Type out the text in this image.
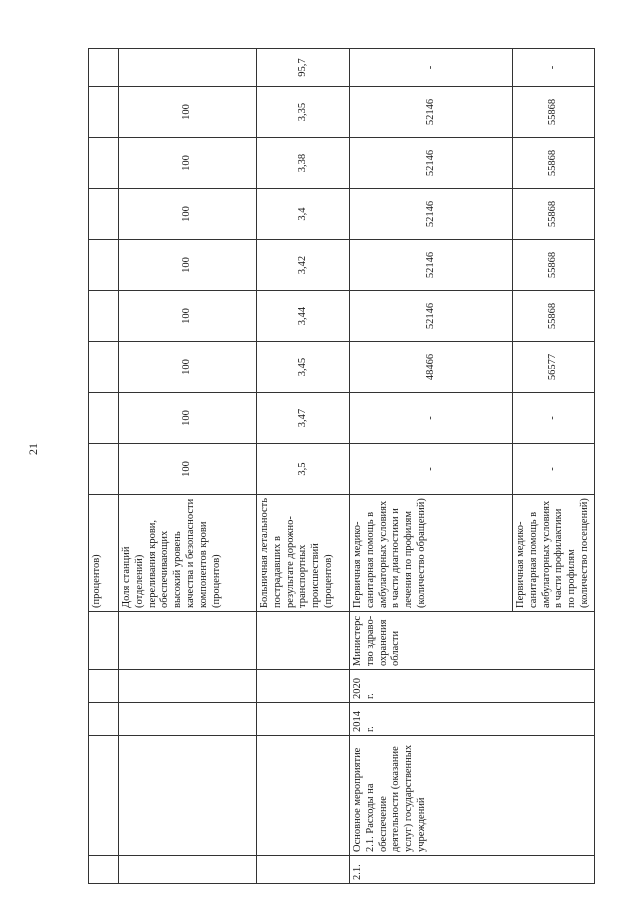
21
					(процентов)									
					Доля станций (отделений) переливания крови, обеспечивающих высокий уровень качества и безопасности компонентов крови (процентов)	100	100	100	100	100	100	100	100	
					Больничная летальность пострадавших в результате дорожно-транспортных происшествий (процентов)	3,5	3,47	3,45	3,44	3,42	3,4	3,38	3,35	95,7
2.1.	Основное мероприятие 2.1. Расходы на обеспечение деятельности (оказание услуг) государственных учреждений	2014 г.	2020 г.	Министерство здраво-охранения области	Первичная медико-санитарная помощь в амбулаторных условиях в части диагностики и лечения по профилям (количество обращений)	-	-	48466	52146	52146	52146	52146	52146	-

					Первичная медико-санитарная помощь в амбулаторных условиях в части профилактики по профилям (количество посещений)	-	-	56577	55868	55868	55868	55868	55868	-
